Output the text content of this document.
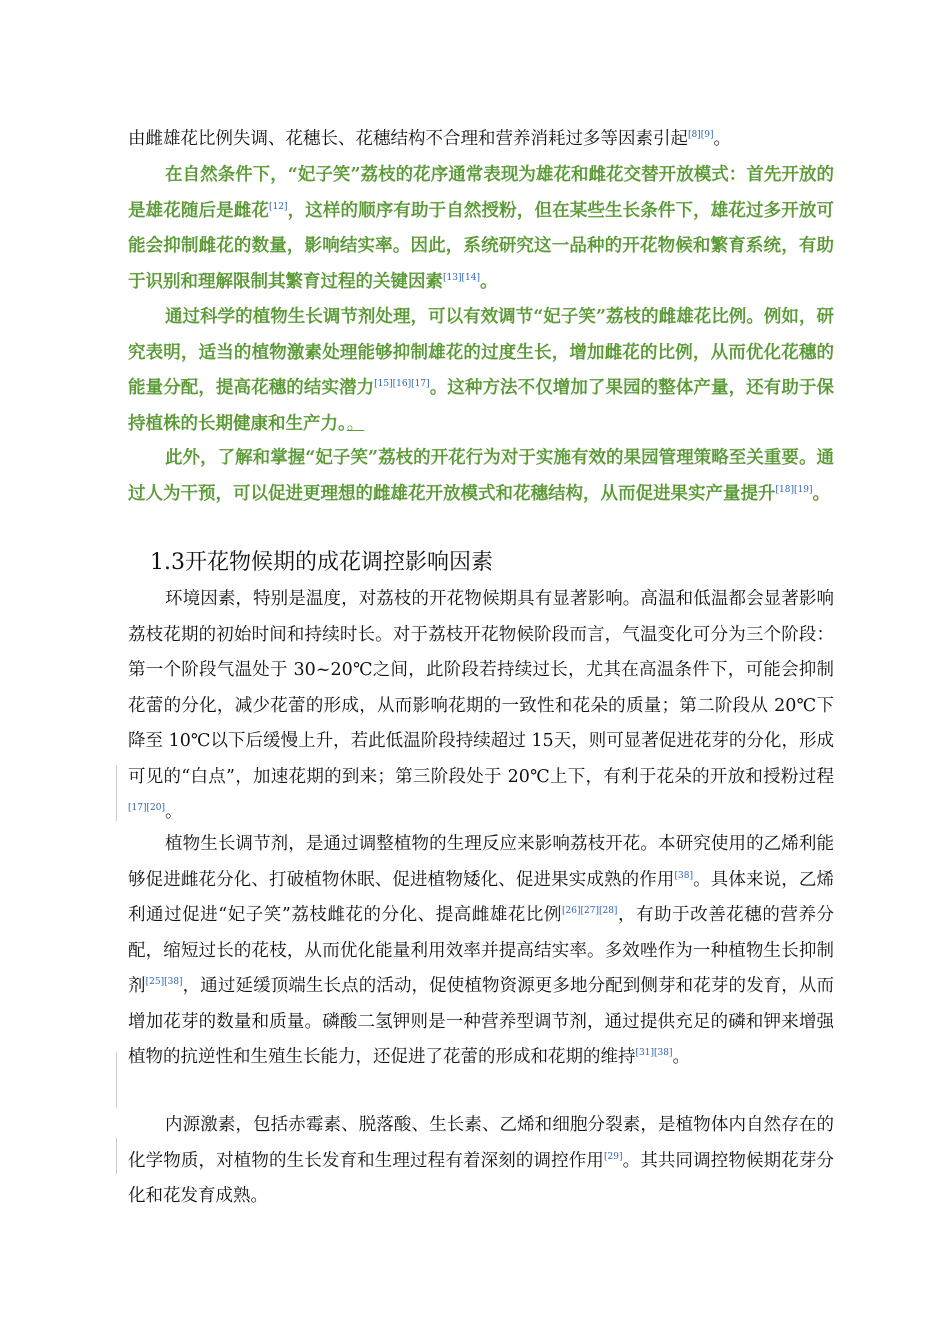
由雌雄花比例失调、花穗长、花穗结构不合理和营养消耗过多等因素引起[8][9]。

在自然条件下，“妃子笑”荔枝的花序通常表现为雄花和雌花交替开放模式：首先开放的是雄花随后是雌花[12]，这样的顺序有助于自然授粉，但在某些生长条件下，雄花过多开放可能会抑制雌花的数量，影响结实率。因此，系统研究这一品种的开花物候和繁育系统，有助于识别和理解限制其繁育过程的关键因素[13][14]。

通过科学的植物生长调节剂处理，可以有效调节“妃子笑”荔枝的雌雄花比例。例如，研究表明，适当的植物激素处理能够抑制雄花的过度生长，增加雌花的比例，从而优化花穗的能量分配，提高花穗的结实潜力[15][16][17]。这种方法不仅增加了果园的整体产量，还有助于保持植株的长期健康和生产力。。

此外，了解和掌握“妃子笑”荔枝的开花行为对于实施有效的果园管理策略至关重要。通过人为干预，可以促进更理想的雌雄花开放模式和花穗结构，从而促进果实产量提升[18][19]。

1.3开花物候期的成花调控影响因素

环境因素，特别是温度，对荔枝的开花物候期具有显著影响。高温和低温都会显著影响荔枝花期的初始时间和持续时长。对于荔枝开花物候阶段而言，气温变化可分为三个阶段：第一个阶段气温处于 30~20℃之间，此阶段若持续过长，尤其在高温条件下，可能会抑制花蕾的分化，减少花蕾的形成，从而影响花期的一致性和花朵的质量；第二阶段从 20℃下降至 10℃以下后缓慢上升，若此低温阶段持续超过 15天，则可显著促进花芽的分化，形成可见的“白点”，加速花期的到来；第三阶段处于 20℃上下，有利于花朵的开放和授粉过程[17][20]。

植物生长调节剂，是通过调整植物的生理反应来影响荔枝开花。本研究使用的乙烯利能够促进雌花分化、打破植物休眠、促进植物矮化、促进果实成熟的作用[38]。具体来说，乙烯利通过促进“妃子笑”荔枝雌花的分化、提高雌雄花比例[26][27][28]，有助于改善花穗的营养分配，缩短过长的花枝，从而优化能量利用效率并提高结实率。多效唑作为一种植物生长抑制剂[25][38]，通过延缓顶端生长点的活动，促使植物资源更多地分配到侧芽和花芽的发育，从而增加花芽的数量和质量。磷酸二氢钾则是一种营养型调节剂，通过提供充足的磷和钾来增强植物的抗逆性和生殖生长能力，还促进了花蕾的形成和花期的维持[31][38]。

内源激素，包括赤霉素、脱落酸、生长素、乙烯和细胞分裂素，是植物体内自然存在的化学物质，对植物的生长发育和生理过程有着深刻的调控作用[29]。其共同调控物候期花芽分化和花发育成熟。
